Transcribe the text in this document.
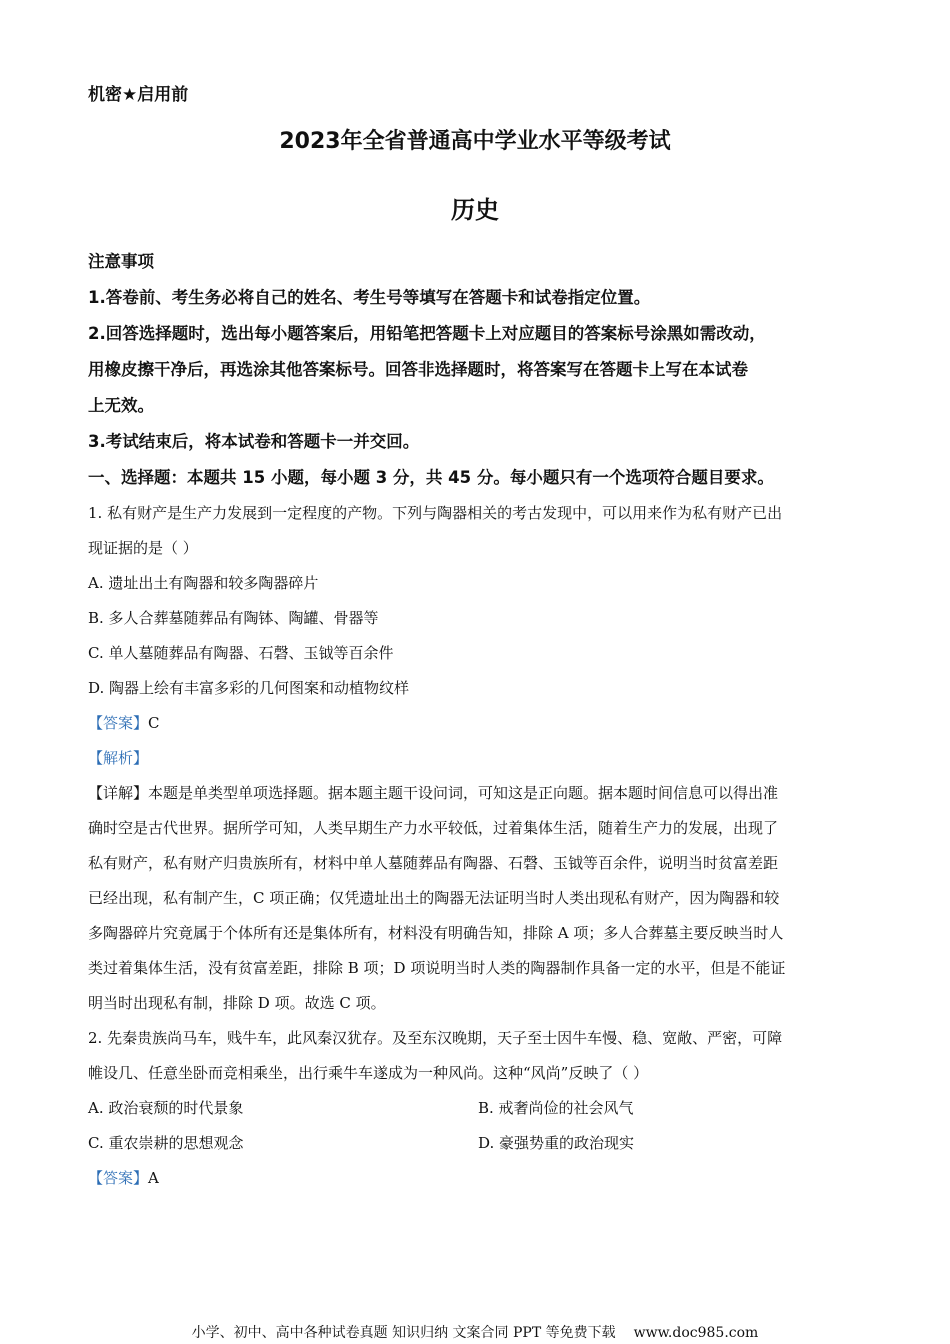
机密★启用前
2023年全省普通高中学业水平等级考试
历史

注意事项

1.答卷前、考生务必将自己的姓名、考生号等填写在答题卡和试卷指定位置。

2.回答选择题时，选出每小题答案后，用铅笔把答题卡上对应题目的答案标号涂黑如需改动，

用橡皮擦干净后，再选涂其他答案标号。回答非选择题时，将答案写在答题卡上写在本试卷

上无效。

3.考试结束后，将本试卷和答题卡一并交回。

一、选择题：本题共 15 小题，每小题 3 分，共 45 分。每小题只有一个选项符合题目要求。

1. 私有财产是生产力发展到一定程度的产物。下列与陶器相关的考古发现中，可以用来作为私有财产已出

现证据的是（ ）

A. 遗址出土有陶器和较多陶器碎片

B. 多人合葬墓随葬品有陶钵、陶罐、骨器等

C. 单人墓随葬品有陶器、石磬、玉钺等百余件

D. 陶器上绘有丰富多彩的几何图案和动植物纹样

【答案】C

【解析】

【详解】本题是单类型单项选择题。据本题主题干设问词，可知这是正向题。据本题时间信息可以得出准

确时空是古代世界。据所学可知，人类早期生产力水平较低，过着集体生活，随着生产力的发展，出现了

私有财产，私有财产归贵族所有，材料中单人墓随葬品有陶器、石磬、玉钺等百余件，说明当时贫富差距

已经出现，私有制产生，C 项正确；仅凭遗址出土的陶器无法证明当时人类出现私有财产，因为陶器和较

多陶器碎片究竟属于个体所有还是集体所有，材料没有明确告知，排除 A 项；多人合葬墓主要反映当时人

类过着集体生活，没有贫富差距，排除 B 项；D 项说明当时人类的陶器制作具备一定的水平，但是不能证

明当时出现私有制，排除 D 项。故选 C 项。

2. 先秦贵族尚马车，贱牛车，此风秦汉犹存。及至东汉晚期，天子至士因牛车慢、稳、宽敞、严密，可障

帷设几、任意坐卧而竞相乘坐，出行乘牛车遂成为一种风尚。这种“风尚”反映了（ ）

A. 政治衰颓的时代景象	B. 戒奢尚俭的社会风气
C. 重农崇耕的思想观念	D. 豪强势重的政治现实

【答案】A

小学、初中、高中各种试卷真题 知识归纳 文案合同 PPT 等免费下载 www.doc985.com
